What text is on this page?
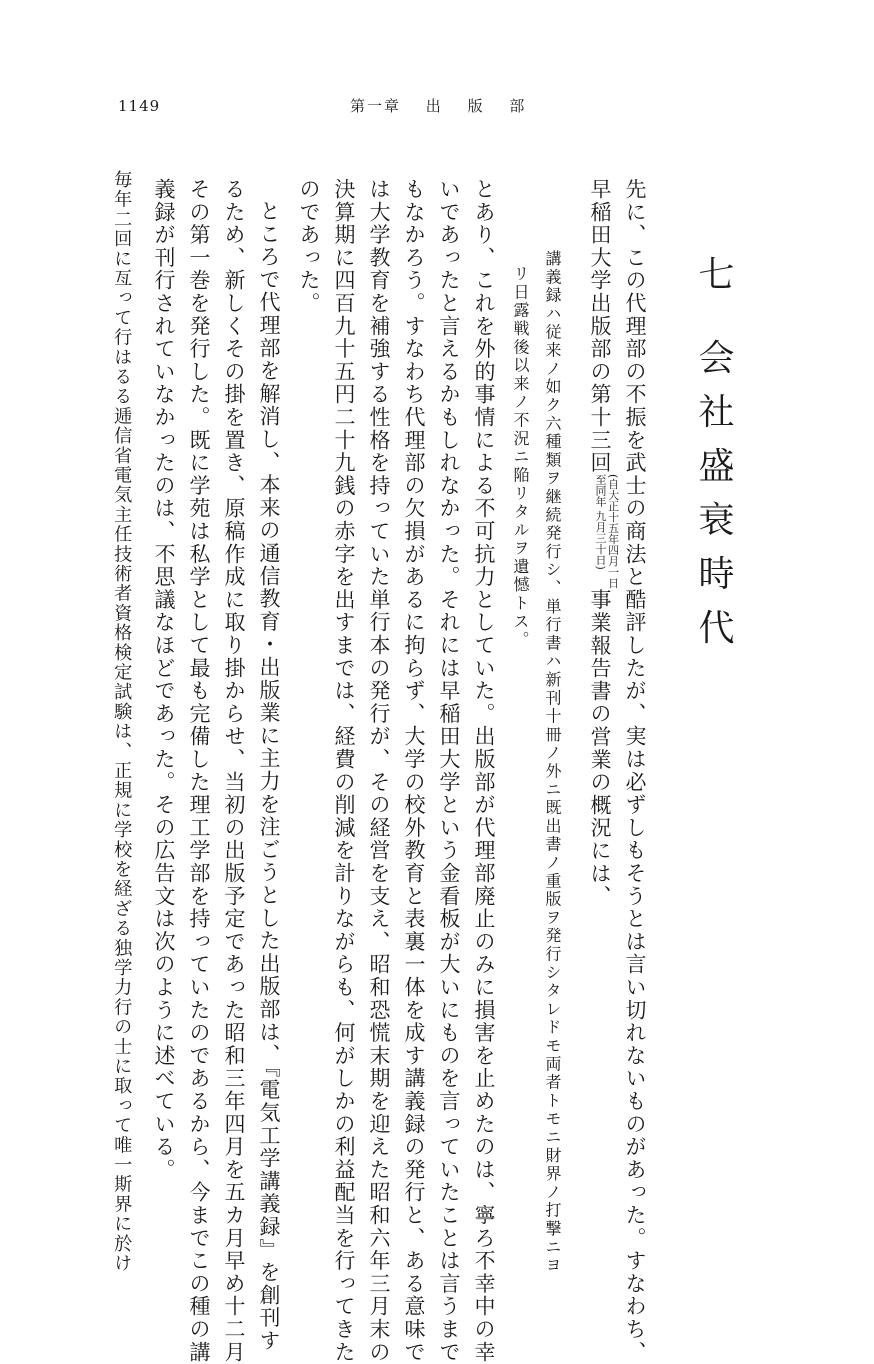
1149	第一章 出 版 部
七 会社盛衰時代
先に、この代理部の不振を武士の商法と酷評したが、実は必ずしもそうとは言い切れないものがあった。すなわち、
早稲田大学出版部の第十三回(自大正十五年四月一日
至同年 九月三十日)事業報告書の営業の概況には、
講義録ハ従来ノ如ク六種類ヲ継続発行シ、単行書ハ新刊十冊ノ外ニ既出書ノ重版ヲ発行シタレドモ両者トモニ財界ノ打撃ニヨ
リ日露戦後以来ノ不況ニ陥リタルヲ遺憾トス。
とあり、これを外的事情による不可抗力としていた。出版部が代理部廃止のみに損害を止めたのは、寧ろ不幸中の幸
いであったと言えるかもしれなかった。それには早稲田大学という金看板が大いにものを言っていたことは言うまで
もなかろう。すなわち代理部の欠損があるに拘らず、大学の校外教育と表裏一体を成す講義録の発行と、ある意味で
は大学教育を補強する性格を持っていた単行本の発行が、その経営を支え、昭和恐慌末期を迎えた昭和六年三月末の
決算期に四百九十五円二十九銭の赤字を出すまでは、経費の削減を計りながらも、何がしかの利益配当を行ってきた
のであった。
ところで代理部を解消し、本来の通信教育・出版業に主力を注ごうとした出版部は、『電気工学講義録』を創刊す
るため、新しくその掛を置き、原稿作成に取り掛からせ、当初の出版予定であった昭和三年四月を五カ月早め十二月
その第一巻を発行した。既に学苑は私学として最も完備した理工学部を持っていたのであるから、今までこの種の講
義録が刊行されていなかったのは、不思議なほどであった。その広告文は次のように述べている。
毎年二回に亙って行はるる逓信省電気主任技術者資格検定試験は、正規に学校を経ざる独学力行の士に取って唯一斯界に於け
